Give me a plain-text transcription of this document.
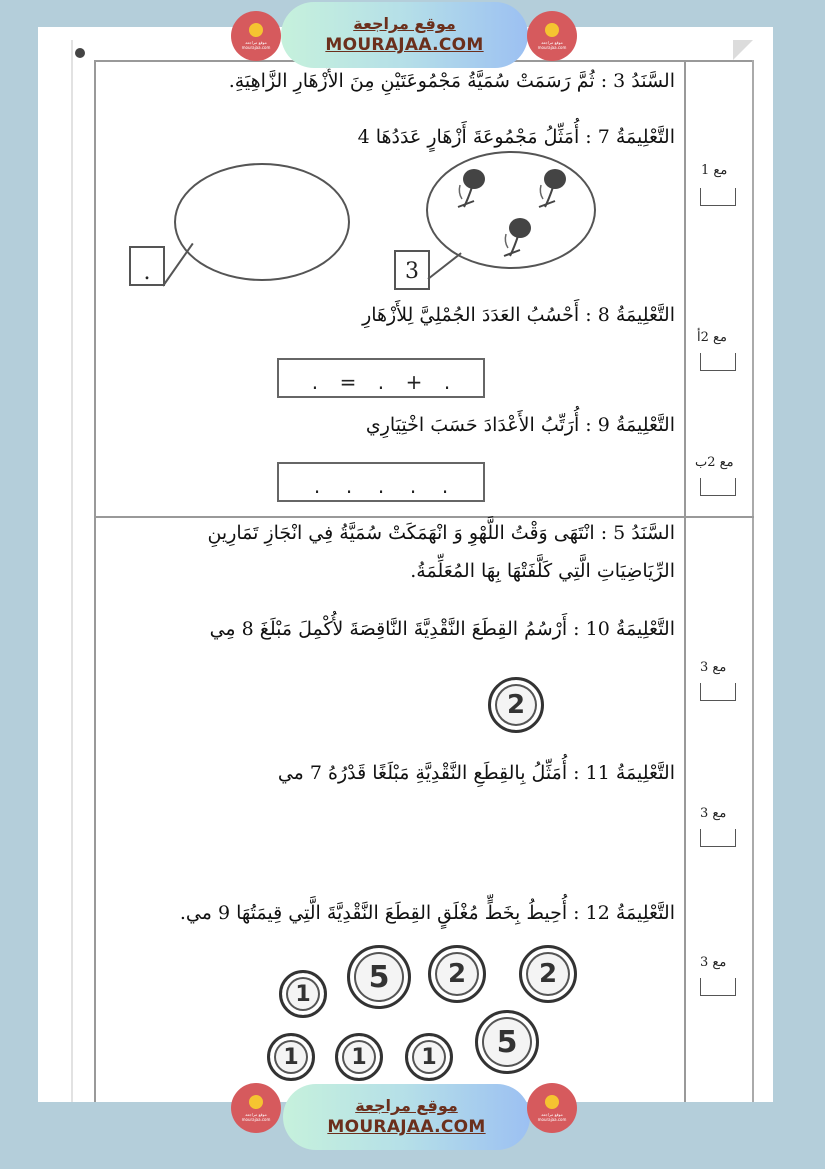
السَّنَدُ 3 : ثُمَّ رَسَمَتْ سُمَيَّةُ مَجْمُوعَتَيْنِ مِنَ الأَزْهَارِ الزَّاهِيَةِ.
التَّعْلِيمَةُ 7 : أُمَثِّلُ مَجْمُوعَةَ أَزْهَارٍ عَدَدُهَا 4
.	3
مع 1
التَّعْلِيمَةُ 8 : أَحْسُبُ العَدَدَ الجُمْلِيَّ لِلأَزْهَارِ
. = . + .
مع 2أ
التَّعْلِيمَةُ 9 : أُرَتِّبُ الأَعْدَادَ حَسَبَ اخْتِيَارِي
. . . . .
مع 2ب
السَّنَدُ 5 : انْتَهَى وَقْتُ اللَّهْوِ وَ انْهَمَكَتْ سُمَيَّةُ فِي انْجَازِ تَمَارِينِ
الرِّيَاضِيَاتِ الَّتِي كَلَّفَتْهَا بِهَا المُعَلِّمَةُ.
التَّعْلِيمَةُ 10 : أَرْسُمُ القِطَعَ النَّقْدِيَّةَ النَّاقِصَةَ لأُكْمِلَ مَبْلَغَ 8 مِي
2
مع 3
التَّعْلِيمَةُ 11 : أُمَثِّلُ بِالقِطَعِ النَّقْدِيَّةِ مَبْلَغًا قَدْرُهُ 7 مي
مع 3
التَّعْلِيمَةُ 12 : أُحِيطُ بِخَطٍّ مُغْلَقٍ القِطَعَ النَّقْدِيَّةَ الَّتِي قِيمَتُهَا 9 مي.
مع 3
1	5	2	2
1	1	1	5
موقع مراجعة
mourajaa.com
موقع مراجعة
MOURAJAA.COM	موقع مراجعة
mourajaa.com
موقع مراجعة
mourajaa.com
موقع مراجعة
MOURAJAA.COM
موقع مراجعة
mourajaa.com
